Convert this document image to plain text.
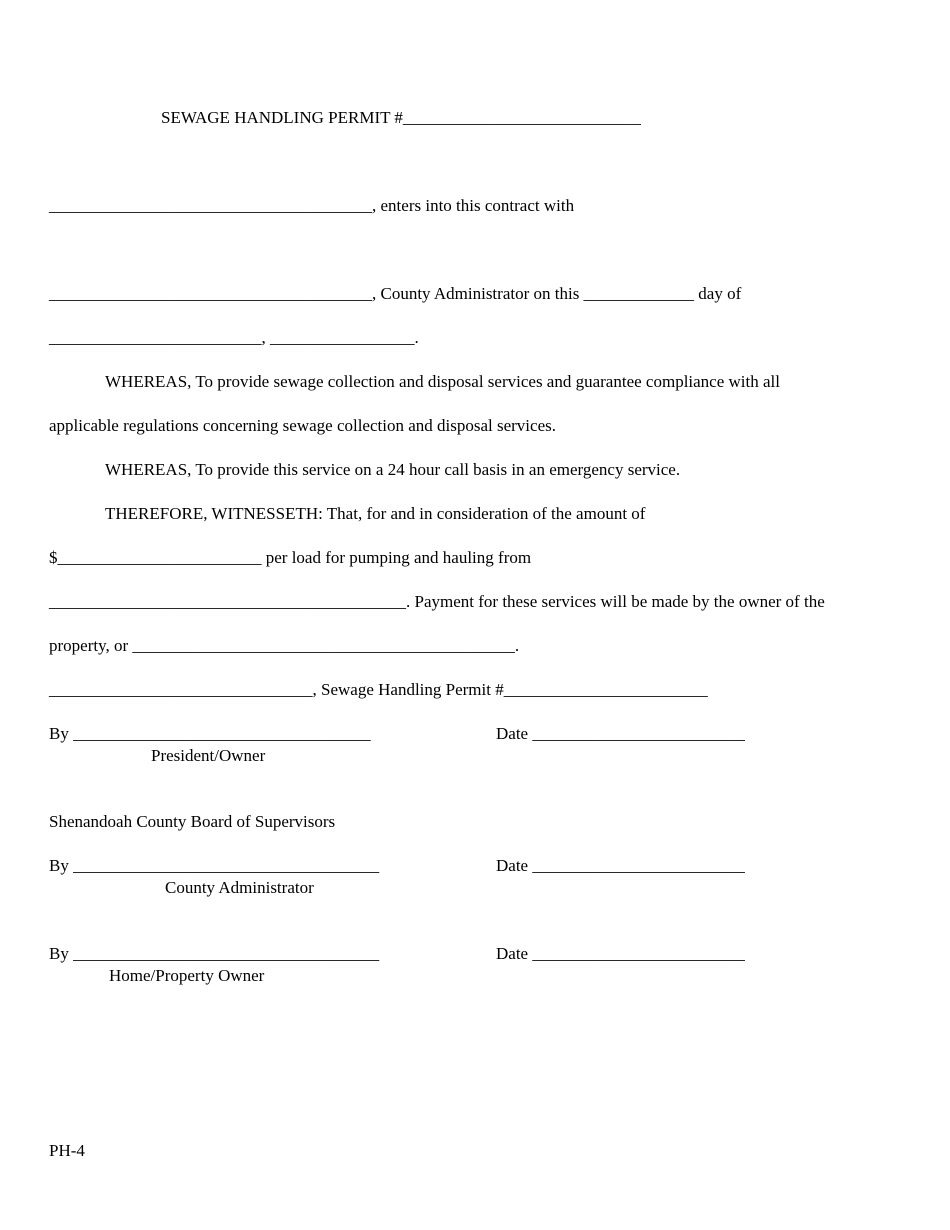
SEWAGE HANDLING PERMIT #____________________________
______________________________________, enters into this contract with
______________________________________, County Administrator on this _____________ day of
_________________________, _________________.
WHEREAS, To provide sewage collection and disposal services and guarantee compliance with all
applicable regulations concerning sewage collection and disposal services.
WHEREAS, To provide this service on a 24 hour call basis in an emergency service.
THEREFORE, WITNESSETH: That, for and in consideration of the amount of
$________________________ per load for pumping and hauling from
__________________________________________. Payment for these services will be made by the owner of the
property, or _____________________________________________.
_______________________________, Sewage Handling Permit #________________________
By ___________________________________	Date _________________________
President/Owner
Shenandoah County Board of Supervisors
By ____________________________________	Date _________________________
County Administrator
By ____________________________________	Date _________________________
Home/Property Owner
PH-4
